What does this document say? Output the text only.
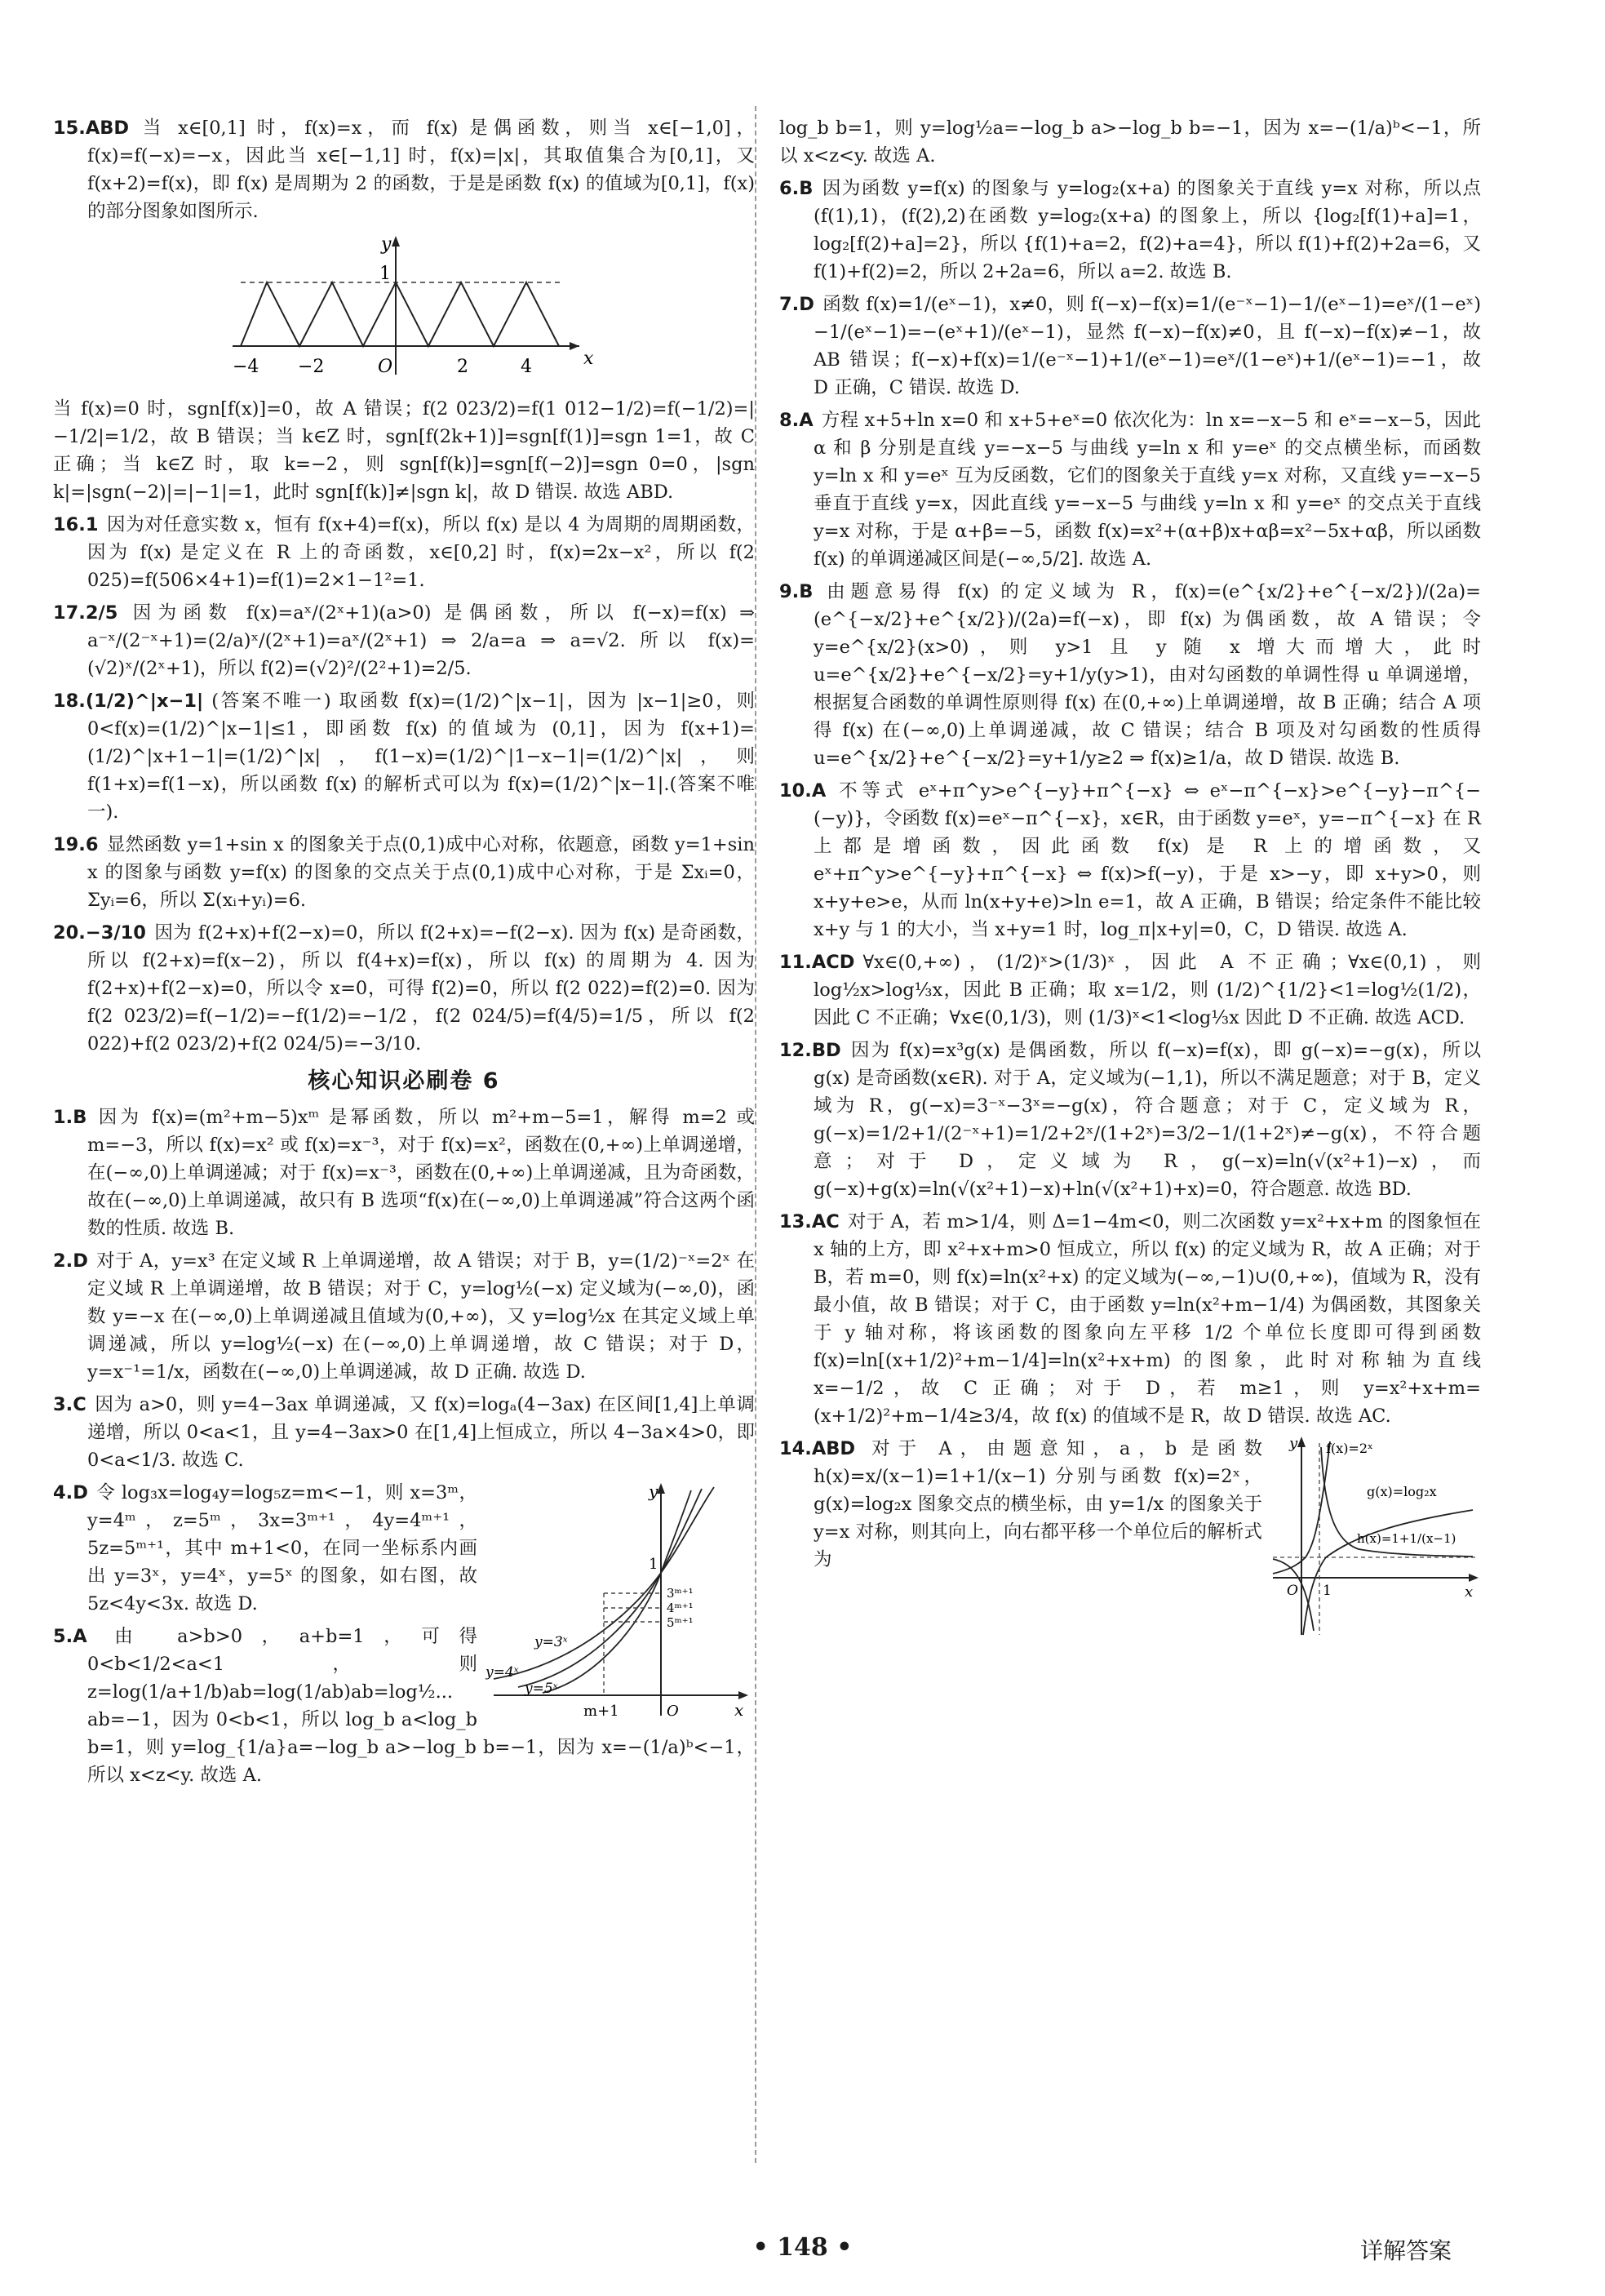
15.ABD 当 x∈[0,1] 时，f(x)=x，而 f(x) 是偶函数，则当 x∈[−1,0]，f(x)=f(−x)=−x，因此当 x∈[−1,1] 时，f(x)=|x|，其取值集合为[0,1]，又 f(x+2)=f(x)，即 f(x) 是周期为 2 的函数，于是是函数 f(x) 的值域为[0,1]，f(x) 的部分图象如图所示.
y
x
1
−4 −2	O	2	4
当 f(x)=0 时，sgn[f(x)]=0，故 A 错误；f(2 023/2)=f(1 012−1/2)=f(−1/2)=|−1/2|=1/2，故 B 错误；当 k∈Z 时，sgn[f(2k+1)]=sgn[f(1)]=sgn 1=1，故 C 正确；当 k∈Z 时，取 k=−2，则 sgn[f(k)]=sgn[f(−2)]=sgn 0=0，|sgn k|=|sgn(−2)|=|−1|=1，此时 sgn[f(k)]≠|sgn k|，故 D 错误. 故选 ABD.
16.1 因为对任意实数 x，恒有 f(x+4)=f(x)，所以 f(x) 是以 4 为周期的周期函数，因为 f(x) 是定义在 R 上的奇函数，x∈[0,2] 时，f(x)=2x−x²，所以 f(2 025)=f(506×4+1)=f(1)=2×1−1²=1.
17.2/5 因为函数 f(x)=aˣ/(2ˣ+1)(a>0) 是偶函数，所以 f(−x)=f(x) ⇒ a⁻ˣ/(2⁻ˣ+1)=(2/a)ˣ/(2ˣ+1)=aˣ/(2ˣ+1) ⇒ 2/a=a ⇒ a=√2. 所以 f(x)=(√2)ˣ/(2ˣ+1)，所以 f(2)=(√2)²/(2²+1)=2/5.
18.(1/2)^|x−1| (答案不唯一) 取函数 f(x)=(1/2)^|x−1|，因为 |x−1|≥0，则 0<f(x)=(1/2)^|x−1|≤1，即函数 f(x) 的值域为 (0,1]，因为 f(x+1)=(1/2)^|x+1−1|=(1/2)^|x|，f(1−x)=(1/2)^|1−x−1|=(1/2)^|x|，则 f(1+x)=f(1−x)，所以函数 f(x) 的解析式可以为 f(x)=(1/2)^|x−1|.(答案不唯一).
19.6 显然函数 y=1+sin x 的图象关于点(0,1)成中心对称，依题意，函数 y=1+sin x 的图象与函数 y=f(x) 的图象的交点关于点(0,1)成中心对称，于是 Σxᵢ=0，Σyᵢ=6，所以 Σ(xᵢ+yᵢ)=6.
20.−3/10 因为 f(2+x)+f(2−x)=0，所以 f(2+x)=−f(2−x). 因为 f(x) 是奇函数，所以 f(2+x)=f(x−2)，所以 f(4+x)=f(x)，所以 f(x) 的周期为 4. 因为 f(2+x)+f(2−x)=0，所以令 x=0，可得 f(2)=0，所以 f(2 022)=f(2)=0. 因为 f(2 023/2)=f(−1/2)=−f(1/2)=−1/2，f(2 024/5)=f(4/5)=1/5，所以 f(2 022)+f(2 023/2)+f(2 024/5)=−3/10.
核心知识必刷卷 6
1.B 因为 f(x)=(m²+m−5)xᵐ 是幂函数，所以 m²+m−5=1，解得 m=2 或 m=−3，所以 f(x)=x² 或 f(x)=x⁻³，对于 f(x)=x²，函数在(0,+∞)上单调递增，在(−∞,0)上单调递减；对于 f(x)=x⁻³，函数在(0,+∞)上单调递减，且为奇函数，故在(−∞,0)上单调递减，故只有 B 选项“f(x)在(−∞,0)上单调递减”符合这两个函数的性质. 故选 B.
2.D 对于 A，y=x³ 在定义域 R 上单调递增，故 A 错误；对于 B，y=(1/2)⁻ˣ=2ˣ 在定义域 R 上单调递增，故 B 错误；对于 C，y=log½(−x) 定义域为(−∞,0)，函数 y=−x 在(−∞,0)上单调递减且值域为(0,+∞)，又 y=log½x 在其定义域上单调递减，所以 y=log½(−x) 在(−∞,0)上单调递增，故 C 错误；对于 D，y=x⁻¹=1/x，函数在(−∞,0)上单调递减，故 D 正确. 故选 D.
3.C 因为 a>0，则 y=4−3ax 单调递减，又 f(x)=logₐ(4−3ax) 在区间[1,4]上单调递增，所以 0<a<1，且 y=4−3ax>0 在[1,4]上恒成立，所以 4−3a×4>0，即 0<a<1/3. 故选 C.
y
1
3ᵐ⁺¹
4ᵐ⁺¹
5ᵐ⁺¹
y=3ˣ
y=4ˣ
y=5ˣ
m+1	O	x
4.D 令 log₃x=log₄y=log₅z=m<−1，则 x=3ᵐ，y=4ᵐ，z=5ᵐ，3x=3ᵐ⁺¹，4y=4ᵐ⁺¹，5z=5ᵐ⁺¹，其中 m+1<0，在同一坐标系内画出 y=3ˣ，y=4ˣ，y=5ˣ 的图象，如右图，故 5z<4y<3x. 故选 D.
5.A 由 a>b>0，a+b=1，可得 0<b<1/2<a<1，则 z=log(1/a+1/b)ab=log(1/ab)ab=log½... ab=−1，因为 0<b<1，所以 log_b a<log_b b=1，则 y=log_{1/a}a=−log_b a>−log_b b=−1，因为 x=−(1/a)ᵇ<−1，所以 x<z<y. 故选 A.
log_b b=1，则 y=log½a=−log_b a>−log_b b=−1，因为 x=−(1/a)ᵇ<−1，所以 x<z<y. 故选 A.
6.B 因为函数 y=f(x) 的图象与 y=log₂(x+a) 的图象关于直线 y=x 对称，所以点(f(1),1)，(f(2),2)在函数 y=log₂(x+a) 的图象上，所以 {log₂[f(1)+a]=1，log₂[f(2)+a]=2}，所以 {f(1)+a=2，f(2)+a=4}，所以 f(1)+f(2)+2a=6，又 f(1)+f(2)=2，所以 2+2a=6，所以 a=2. 故选 B.
7.D 函数 f(x)=1/(eˣ−1)，x≠0，则 f(−x)−f(x)=1/(e⁻ˣ−1)−1/(eˣ−1)=eˣ/(1−eˣ)−1/(eˣ−1)=−(eˣ+1)/(eˣ−1)，显然 f(−x)−f(x)≠0，且 f(−x)−f(x)≠−1，故 AB 错误；f(−x)+f(x)=1/(e⁻ˣ−1)+1/(eˣ−1)=eˣ/(1−eˣ)+1/(eˣ−1)=−1，故 D 正确，C 错误. 故选 D.
8.A 方程 x+5+ln x=0 和 x+5+eˣ=0 依次化为：ln x=−x−5 和 eˣ=−x−5，因此 α 和 β 分别是直线 y=−x−5 与曲线 y=ln x 和 y=eˣ 的交点横坐标，而函数 y=ln x 和 y=eˣ 互为反函数，它们的图象关于直线 y=x 对称，又直线 y=−x−5 垂直于直线 y=x，因此直线 y=−x−5 与曲线 y=ln x 和 y=eˣ 的交点关于直线 y=x 对称，于是 α+β=−5，函数 f(x)=x²+(α+β)x+αβ=x²−5x+αβ，所以函数 f(x) 的单调递减区间是(−∞,5/2]. 故选 A.
9.B 由题意易得 f(x) 的定义域为 R，f(x)=(e^{x/2}+e^{−x/2})/(2a)=(e^{−x/2}+e^{x/2})/(2a)=f(−x)，即 f(x) 为偶函数，故 A 错误；令 y=e^{x/2}(x>0)，则 y>1 且 y 随 x 增大而增大，此时 u=e^{x/2}+e^{−x/2}=y+1/y(y>1)，由对勾函数的单调性得 u 单调递增，根据复合函数的单调性原则得 f(x) 在(0,+∞)上单调递增，故 B 正确；结合 A 项得 f(x) 在(−∞,0)上单调递减，故 C 错误；结合 B 项及对勾函数的性质得 u=e^{x/2}+e^{−x/2}=y+1/y≥2 ⇒ f(x)≥1/a，故 D 错误. 故选 B.
10.A 不等式 eˣ+π^y>e^{−y}+π^{−x} ⇔ eˣ−π^{−x}>e^{−y}−π^{−(−y)}，令函数 f(x)=eˣ−π^{−x}，x∈R，由于函数 y=eˣ，y=−π^{−x} 在 R 上都是增函数，因此函数 f(x) 是 R 上的增函数，又 eˣ+π^y>e^{−y}+π^{−x} ⇔ f(x)>f(−y)，于是 x>−y，即 x+y>0，则 x+y+e>e，从而 ln(x+y+e)>ln e=1，故 A 正确，B 错误；给定条件不能比较 x+y 与 1 的大小，当 x+y=1 时，log_π|x+y|=0，C，D 错误. 故选 A.
11.ACD ∀x∈(0,+∞)，(1/2)ˣ>(1/3)ˣ，因此 A 不正确；∀x∈(0,1)，则 log½x>log⅓x，因此 B 正确；取 x=1/2，则 (1/2)^{1/2}<1=log½(1/2)，因此 C 不正确；∀x∈(0,1/3)，则 (1/3)ˣ<1<log⅓x 因此 D 不正确. 故选 ACD.
12.BD 因为 f(x)=x³g(x) 是偶函数，所以 f(−x)=f(x)，即 g(−x)=−g(x)，所以 g(x) 是奇函数(x∈R). 对于 A，定义域为(−1,1)，所以不满足题意；对于 B，定义域为 R，g(−x)=3⁻ˣ−3ˣ=−g(x)，符合题意；对于 C，定义域为 R，g(−x)=1/2+1/(2⁻ˣ+1)=1/2+2ˣ/(1+2ˣ)=3/2−1/(1+2ˣ)≠−g(x)，不符合题意；对于 D，定义域为 R，g(−x)=ln(√(x²+1)−x)，而 g(−x)+g(x)=ln(√(x²+1)−x)+ln(√(x²+1)+x)=0，符合题意. 故选 BD.
13.AC 对于 A，若 m>1/4，则 Δ=1−4m<0，则二次函数 y=x²+x+m 的图象恒在 x 轴的上方，即 x²+x+m>0 恒成立，所以 f(x) 的定义域为 R，故 A 正确；对于 B，若 m=0，则 f(x)=ln(x²+x) 的定义域为(−∞,−1)∪(0,+∞)，值域为 R，没有最小值，故 B 错误；对于 C，由于函数 y=ln(x²+m−1/4) 为偶函数，其图象关于 y 轴对称，将该函数的图象向左平移 1/2 个单位长度即可得到函数 f(x)=ln[(x+1/2)²+m−1/4]=ln(x²+x+m) 的图象，此时对称轴为直线 x=−1/2，故 C 正确；对于 D，若 m≥1，则 y=x²+x+m=(x+1/2)²+m−1/4≥3/4，故 f(x) 的值域不是 R，故 D 错误. 故选 AC.
f(x)=2ˣ
g(x)=log₂x
h(x)=1+1/(x−1)
y
x
O 1
14.ABD 对于 A，由题意知，a，b 是函数 h(x)=x/(x−1)=1+1/(x−1) 分别与函数 f(x)=2ˣ，g(x)=log₂x 图象交点的横坐标，由 y=1/x 的图象关于 y=x 对称，则其向上，向右都平移一个单位后的解析式为
• 148 •	详解答案
